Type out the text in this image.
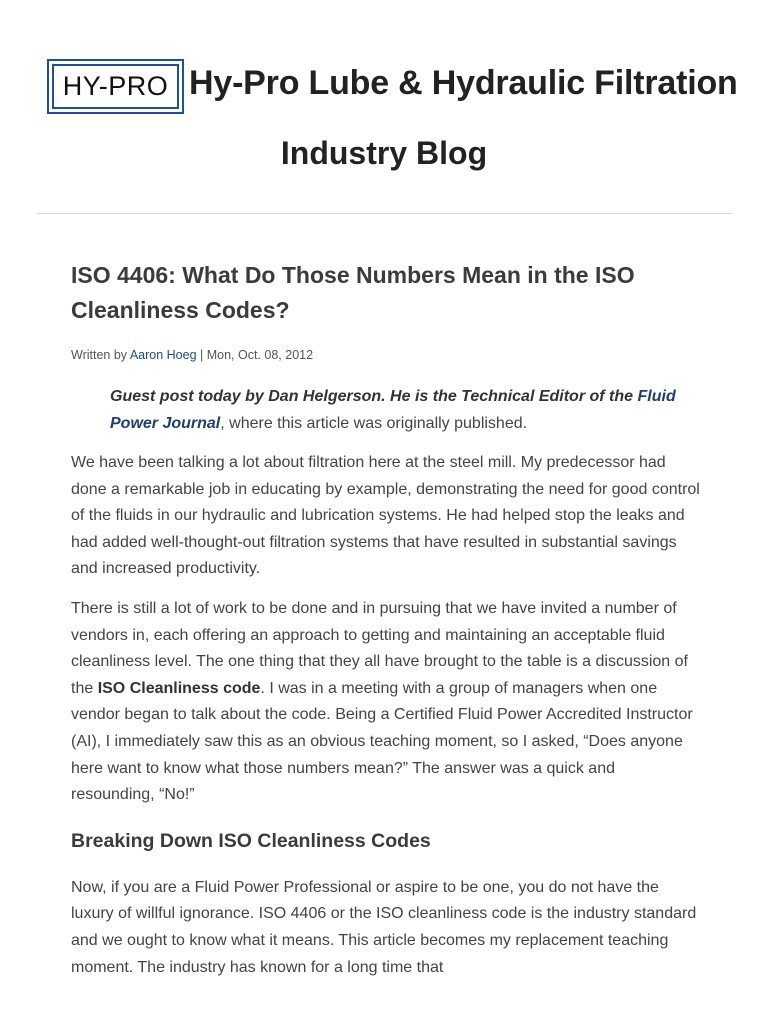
HY-PRO Hy-Pro Lube & Hydraulic Filtration
Industry Blog
ISO 4406: What Do Those Numbers Mean in the ISO Cleanliness Codes?
Written by Aaron Hoeg | Mon, Oct. 08, 2012
Guest post today by Dan Helgerson. He is the Technical Editor of the Fluid Power Journal, where this article was originally published.

We have been talking a lot about filtration here at the steel mill. My predecessor had done a remarkable job in educating by example, demonstrating the need for good control of the fluids in our hydraulic and lubrication systems. He had helped stop the leaks and had added well-thought-out filtration systems that have resulted in substantial savings and increased productivity.

There is still a lot of work to be done and in pursuing that we have invited a number of vendors in, each offering an approach to getting and maintaining an acceptable fluid cleanliness level. The one thing that they all have brought to the table is a discussion of the ISO Cleanliness code. I was in a meeting with a group of managers when one vendor began to talk about the code. Being a Certified Fluid Power Accredited Instructor (AI), I immediately saw this as an obvious teaching moment, so I asked, “Does anyone here want to know what those numbers mean?” The answer was a quick and resounding, “No!”

Breaking Down ISO Cleanliness Codes

Now, if you are a Fluid Power Professional or aspire to be one, you do not have the luxury of willful ignorance. ISO 4406 or the ISO cleanliness code is the industry standard and we ought to know what it means. This article becomes my replacement teaching moment. The industry has known for a long time that
